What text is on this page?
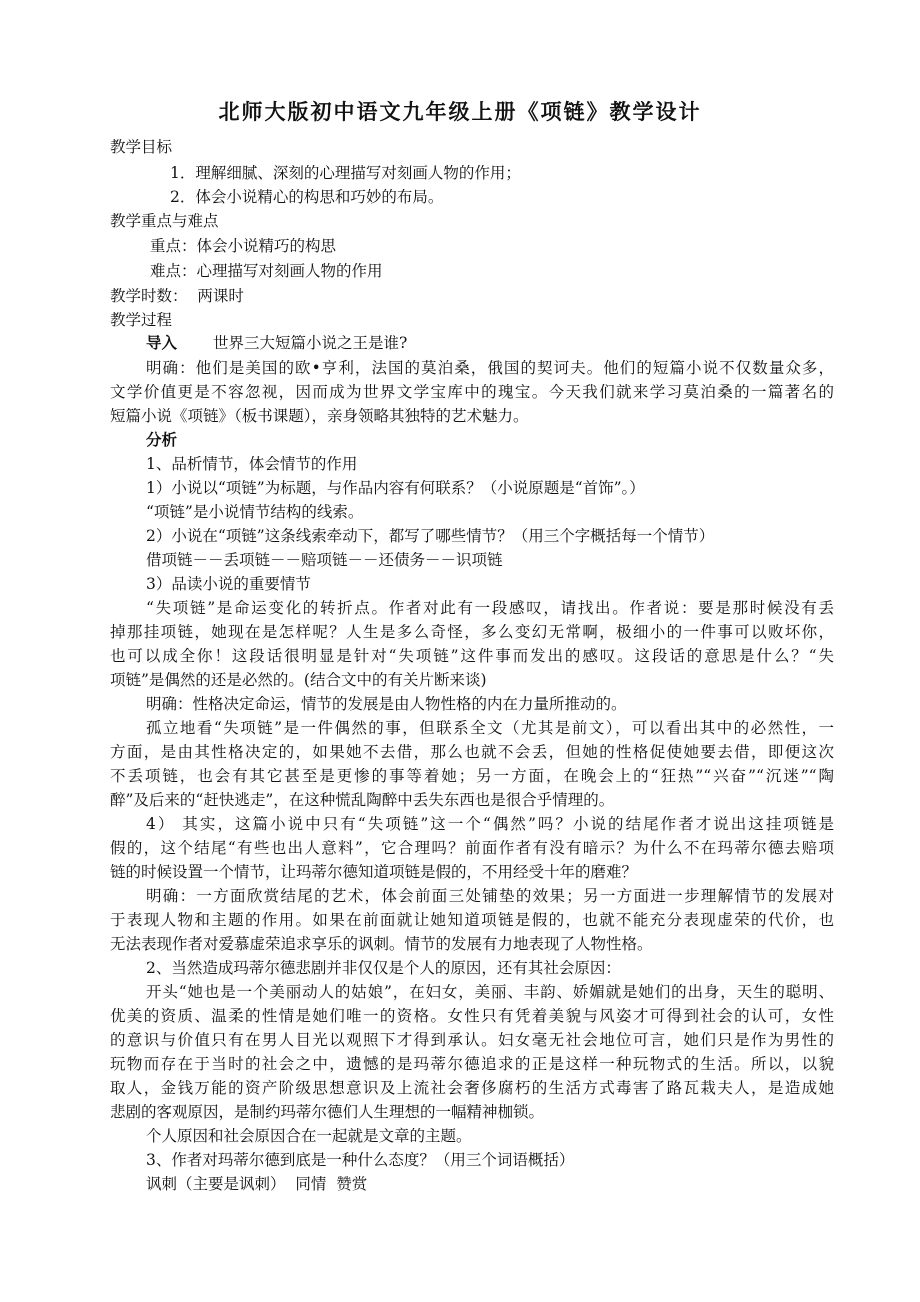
北师大版初中语文九年级上册《项链》教学设计
教学目标
1．理解细腻、深刻的心理描写对刻画人物的作用；
2．体会小说精心的构思和巧妙的布局。
教学重点与难点
重点：体会小说精巧的构思
难点：心理描写对刻画人物的作用
教学时数：  两课时
教学过程
导入 世界三大短篇小说之王是谁?
明确：他们是美国的欧•亨利，法国的莫泊桑，俄国的契诃夫。他们的短篇小说不仅数量众多，
文学价值更是不容忽视，因而成为世界文学宝库中的瑰宝。今天我们就来学习莫泊桑的一篇著名的
短篇小说《项链》（板书课题），亲身领略其独特的艺术魅力。
分析
1、品析情节，体会情节的作用
1）小说以“项链”为标题，与作品内容有何联系？（小说原题是“首饰”。）
“项链”是小说情节结构的线索。
2）小说在“项链”这条线索牵动下，都写了哪些情节？（用三个字概括每一个情节）
借项链－－丢项链－－赔项链－－还债务－－识项链
3）品读小说的重要情节
“失项链”是命运变化的转折点。作者对此有一段感叹，请找出。作者说：要是那时候没有丢
掉那挂项链，她现在是怎样呢？人生是多么奇怪，多么变幻无常啊，极细小的一件事可以败坏你，
也可以成全你！这段话很明显是针对“失项链”这件事而发出的感叹。这段话的意思是什么？“失
项链”是偶然的还是必然的。(结合文中的有关片断来谈)
明确：性格决定命运，情节的发展是由人物性格的内在力量所推动的。
孤立地看“失项链”是一件偶然的事，但联系全文（尤其是前文），可以看出其中的必然性，一
方面，是由其性格决定的，如果她不去借，那么也就不会丢，但她的性格促使她要去借，即便这次
不丢项链，也会有其它甚至是更惨的事等着她；另一方面，在晚会上的“狂热”“兴奋”“沉迷”“陶
醉”及后来的“赶快逃走”，在这种慌乱陶醉中丢失东西也是很合乎情理的。
4） 其实，这篇小说中只有“失项链”这一个“偶然”吗？小说的结尾作者才说出这挂项链是
假的，这个结尾“有些也出人意料”，它合理吗？前面作者有没有暗示？为什么不在玛蒂尔德去赔项
链的时候设置一个情节，让玛蒂尔德知道项链是假的，不用经受十年的磨难？
明确：一方面欣赏结尾的艺术，体会前面三处铺垫的效果；另一方面进一步理解情节的发展对
于表现人物和主题的作用。如果在前面就让她知道项链是假的，也就不能充分表现虚荣的代价，也
无法表现作者对爱慕虚荣追求享乐的讽刺。情节的发展有力地表现了人物性格。
2、当然造成玛蒂尔德悲剧并非仅仅是个人的原因，还有其社会原因：
开头“她也是一个美丽动人的姑娘”，在妇女，美丽、丰韵、娇媚就是她们的出身，天生的聪明、
优美的资质、温柔的性情是她们唯一的资格。女性只有凭着美貌与风姿才可得到社会的认可，女性
的意识与价值只有在男人目光以观照下才得到承认。妇女毫无社会地位可言，她们只是作为男性的
玩物而存在于当时的社会之中，遗憾的是玛蒂尔德追求的正是这样一种玩物式的生活。所以，以貌
取人，金钱万能的资产阶级思想意识及上流社会奢侈腐朽的生活方式毒害了路瓦栽夫人，是造成她
悲剧的客观原因，是制约玛蒂尔德们人生理想的一幅精神枷锁。
个人原因和社会原因合在一起就是文章的主题。
3、作者对玛蒂尔德到底是一种什么态度？（用三个词语概括）
讽刺（主要是讽刺）  同情  赞赏
